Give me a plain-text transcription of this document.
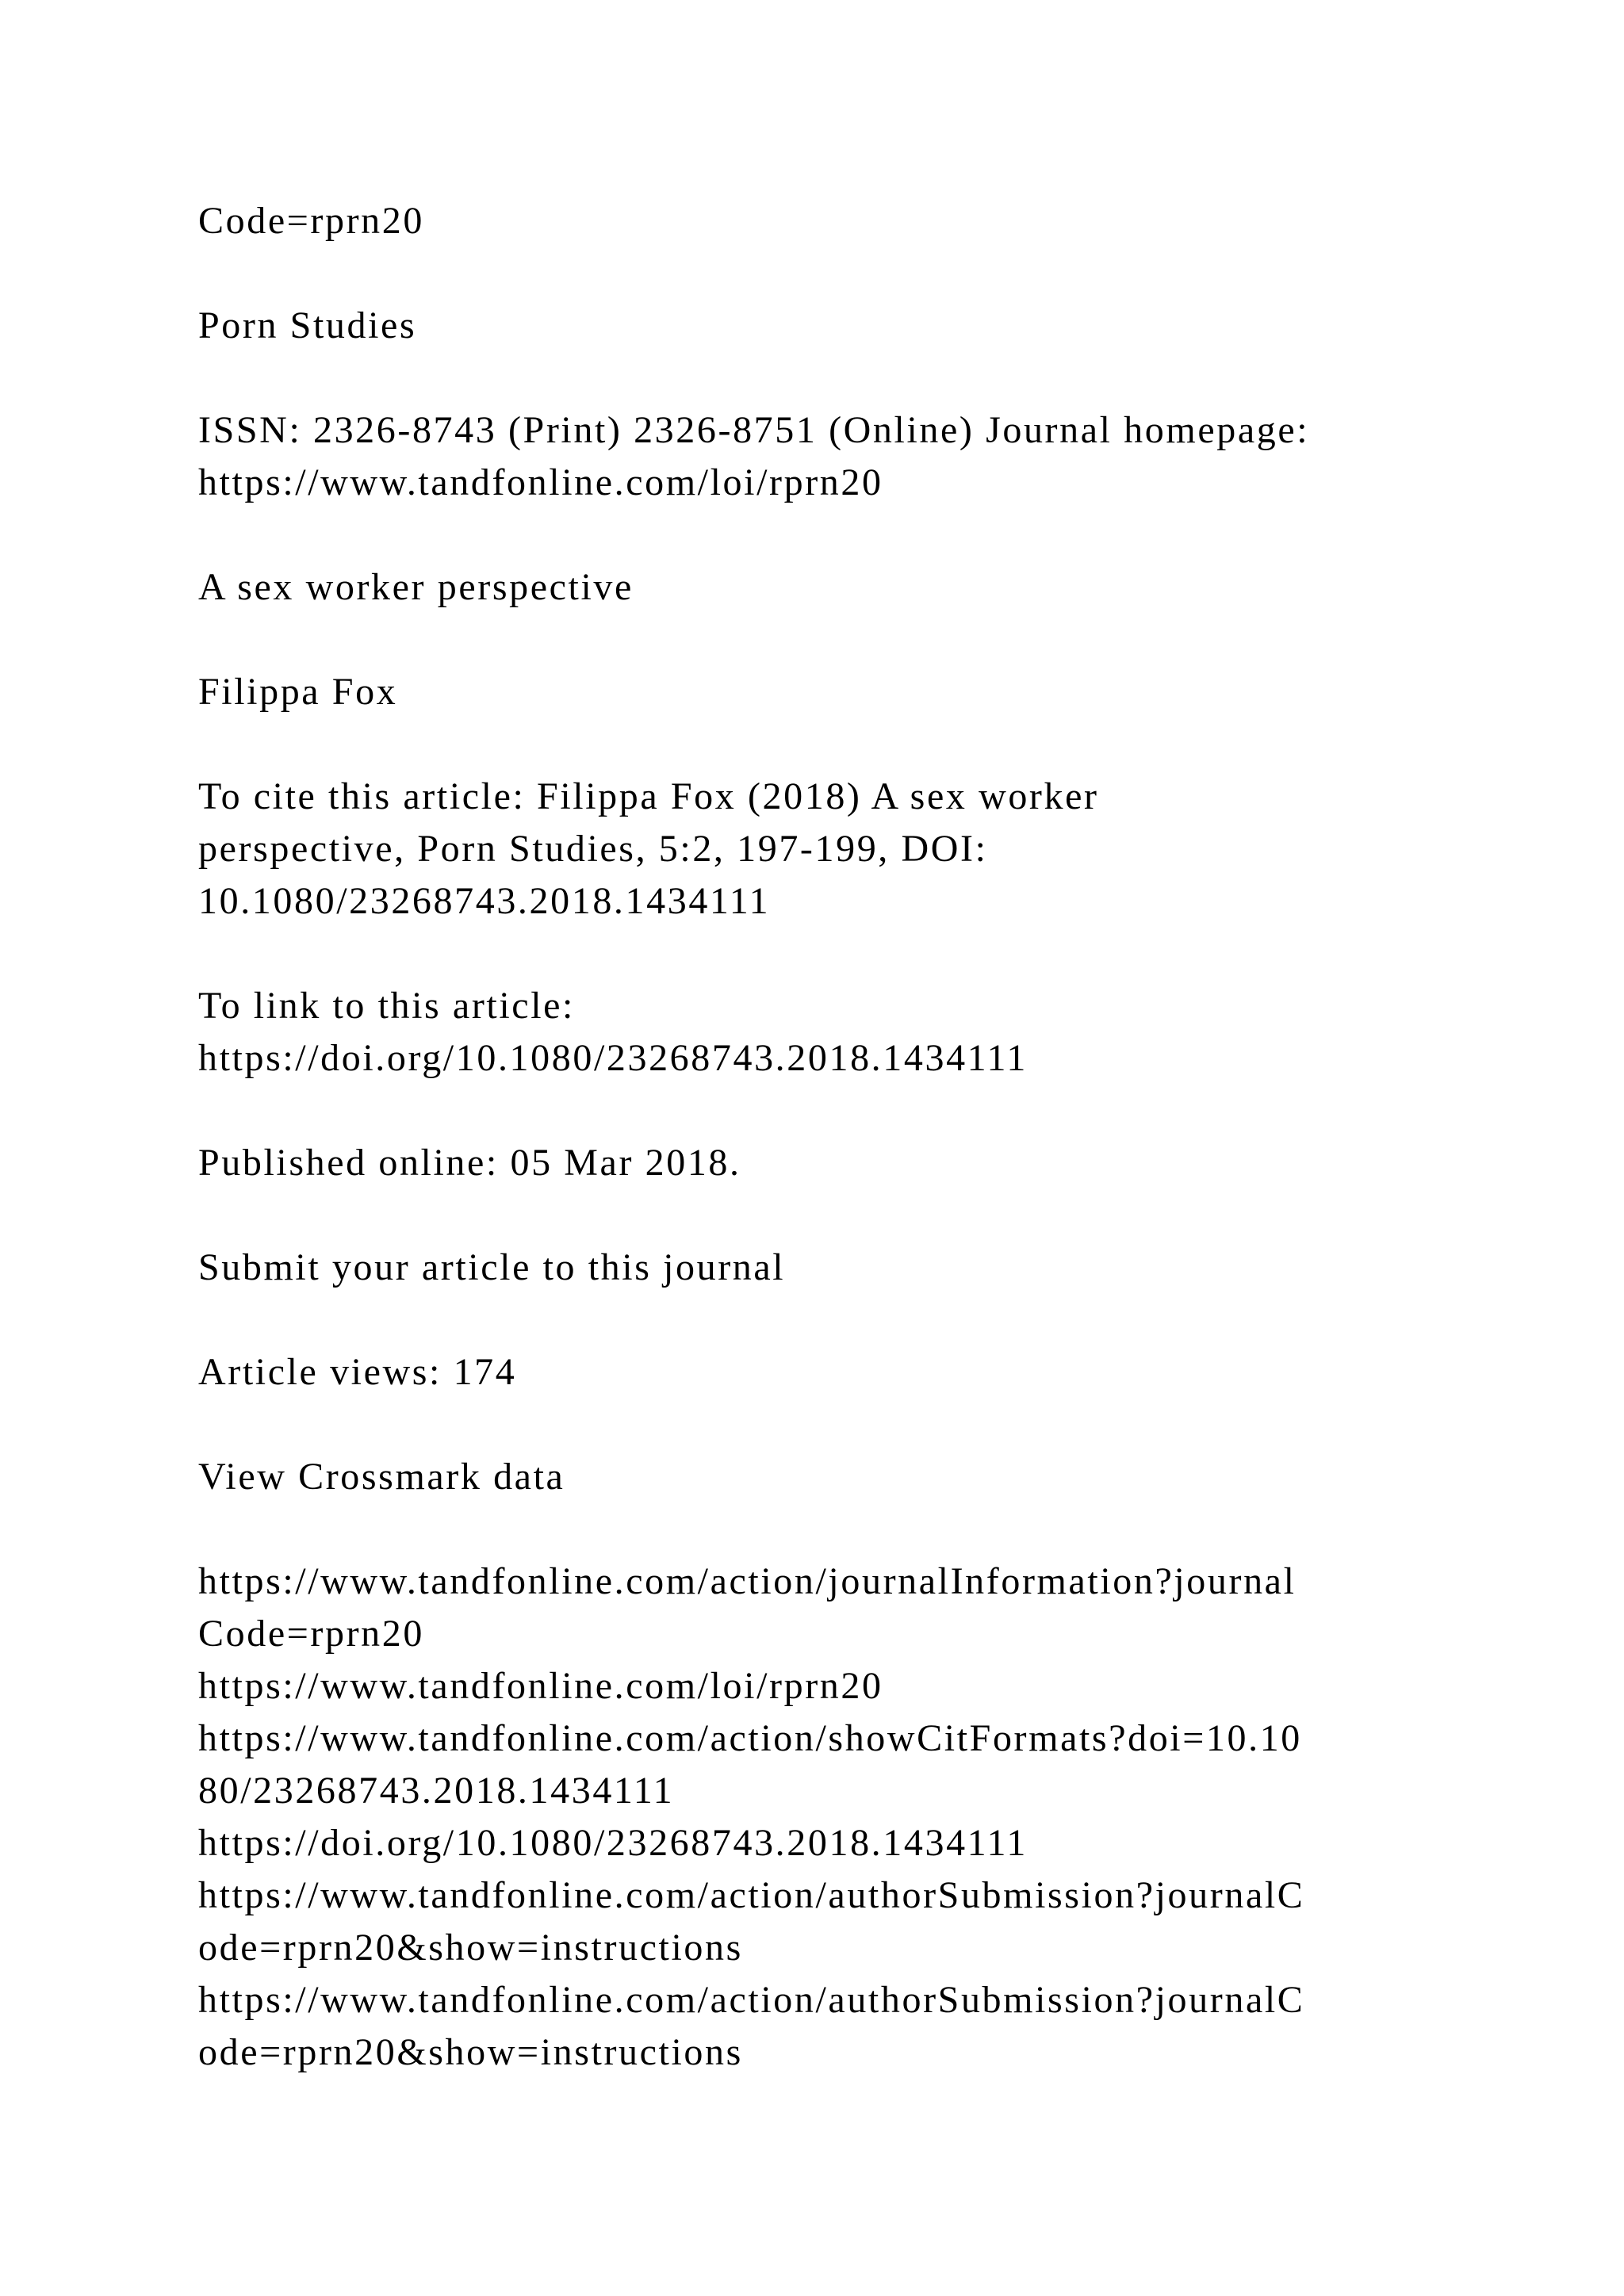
Code=rprn20
Porn Studies
ISSN: 2326-8743 (Print) 2326-8751 (Online) Journal homepage:
https://www.tandfonline.com/loi/rprn20
A sex worker perspective
Filippa Fox
To cite this article: Filippa Fox (2018) A sex worker
perspective, Porn Studies, 5:2, 197-199, DOI:
10.1080/23268743.2018.1434111
To link to this article:
https://doi.org/10.1080/23268743.2018.1434111
Published online: 05 Mar 2018.
Submit your article to this journal
Article views: 174
View Crossmark data
https://www.tandfonline.com/action/journalInformation?journal
Code=rprn20
https://www.tandfonline.com/loi/rprn20
https://www.tandfonline.com/action/showCitFormats?doi=10.10
80/23268743.2018.1434111
https://doi.org/10.1080/23268743.2018.1434111
https://www.tandfonline.com/action/authorSubmission?journalC
ode=rprn20&show=instructions
https://www.tandfonline.com/action/authorSubmission?journalC
ode=rprn20&show=instructions
